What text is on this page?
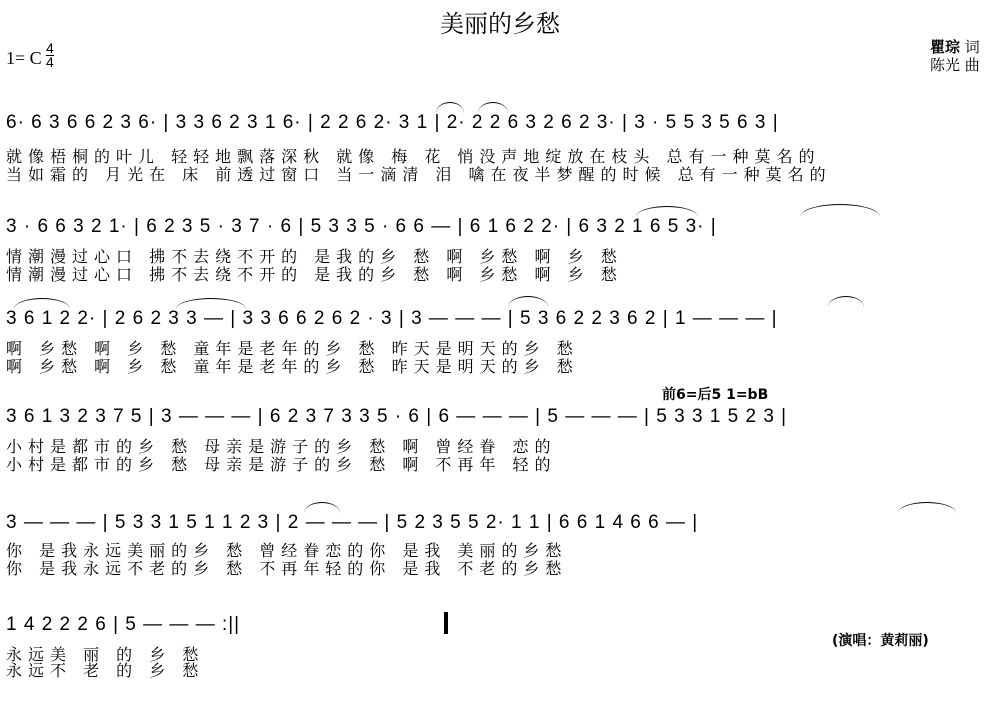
美丽的乡愁
1= C 4
4
瞿琮 词
陈光 曲
6· 6 3 6 6 2 3 6· | 3 3 6 2 3 1 6· | 2 2 6 2· 3 1 | 2· 2 2 6 3 2 6 2 3· | 3 · 5 5 3 5 6 3 |
就像梧桐的叶儿 轻轻地飘落深秋 就像 梅 花 悄没声地绽放在枝头 总有一种莫名的
当如霜的 月光在 床 前透过窗口 当一滴清 泪 噙在夜半梦醒的时候 总有一种莫名的
3 · 6 6 3 2 1· | 6 2 3 5 · 3 7 · 6 | 5 3 3 5 · 6 6 — | 6 1 6 2 2· | 6 3 2 1 6 5 3· |
情潮漫过心口 拂不去绕不开的 是我的乡 愁 啊 乡愁 啊 乡 愁
情潮漫过心口 拂不去绕不开的 是我的乡 愁 啊 乡愁 啊 乡 愁
3 6 1 2 2· | 2 6 2 3 3 — | 3 3 6 6 2 6 2 · 3 | 3 — — — | 5 3 6 2 2 3 6 2 | 1 — — — |
啊 乡愁 啊 乡 愁 童年是老年的乡 愁 昨天是明天的乡 愁
啊 乡愁 啊 乡 愁 童年是老年的乡 愁 昨天是明天的乡 愁
前6=后5 1=bB
3 6 1 3 2 3 7 5 | 3 — — — | 6 2 3 7 3 3 5 · 6 | 6 — — — | 5 — — — | 5 3 3 1 5 2 3 |
小村是都市的乡 愁 母亲是游子的乡 愁 啊 曾经眷 恋的
小村是都市的乡 愁 母亲是游子的乡 愁 啊 不再年 轻的
3 — — — | 5 3 3 1 5 1 1 2 3 | 2 — — — | 5 2 3 5 5 2· 1 1 | 6 6 1 4 6 6 — |
你 是我永远美丽的乡 愁 曾经眷恋的你 是我 美丽的乡愁
你 是我永远不老的乡 愁 不再年轻的你 是我 不老的乡愁
1 4 2 2 2 6 | 5 — — — :||
永远美 丽 的 乡 愁
永远不 老 的 乡 愁
(演唱：黄莉丽)
